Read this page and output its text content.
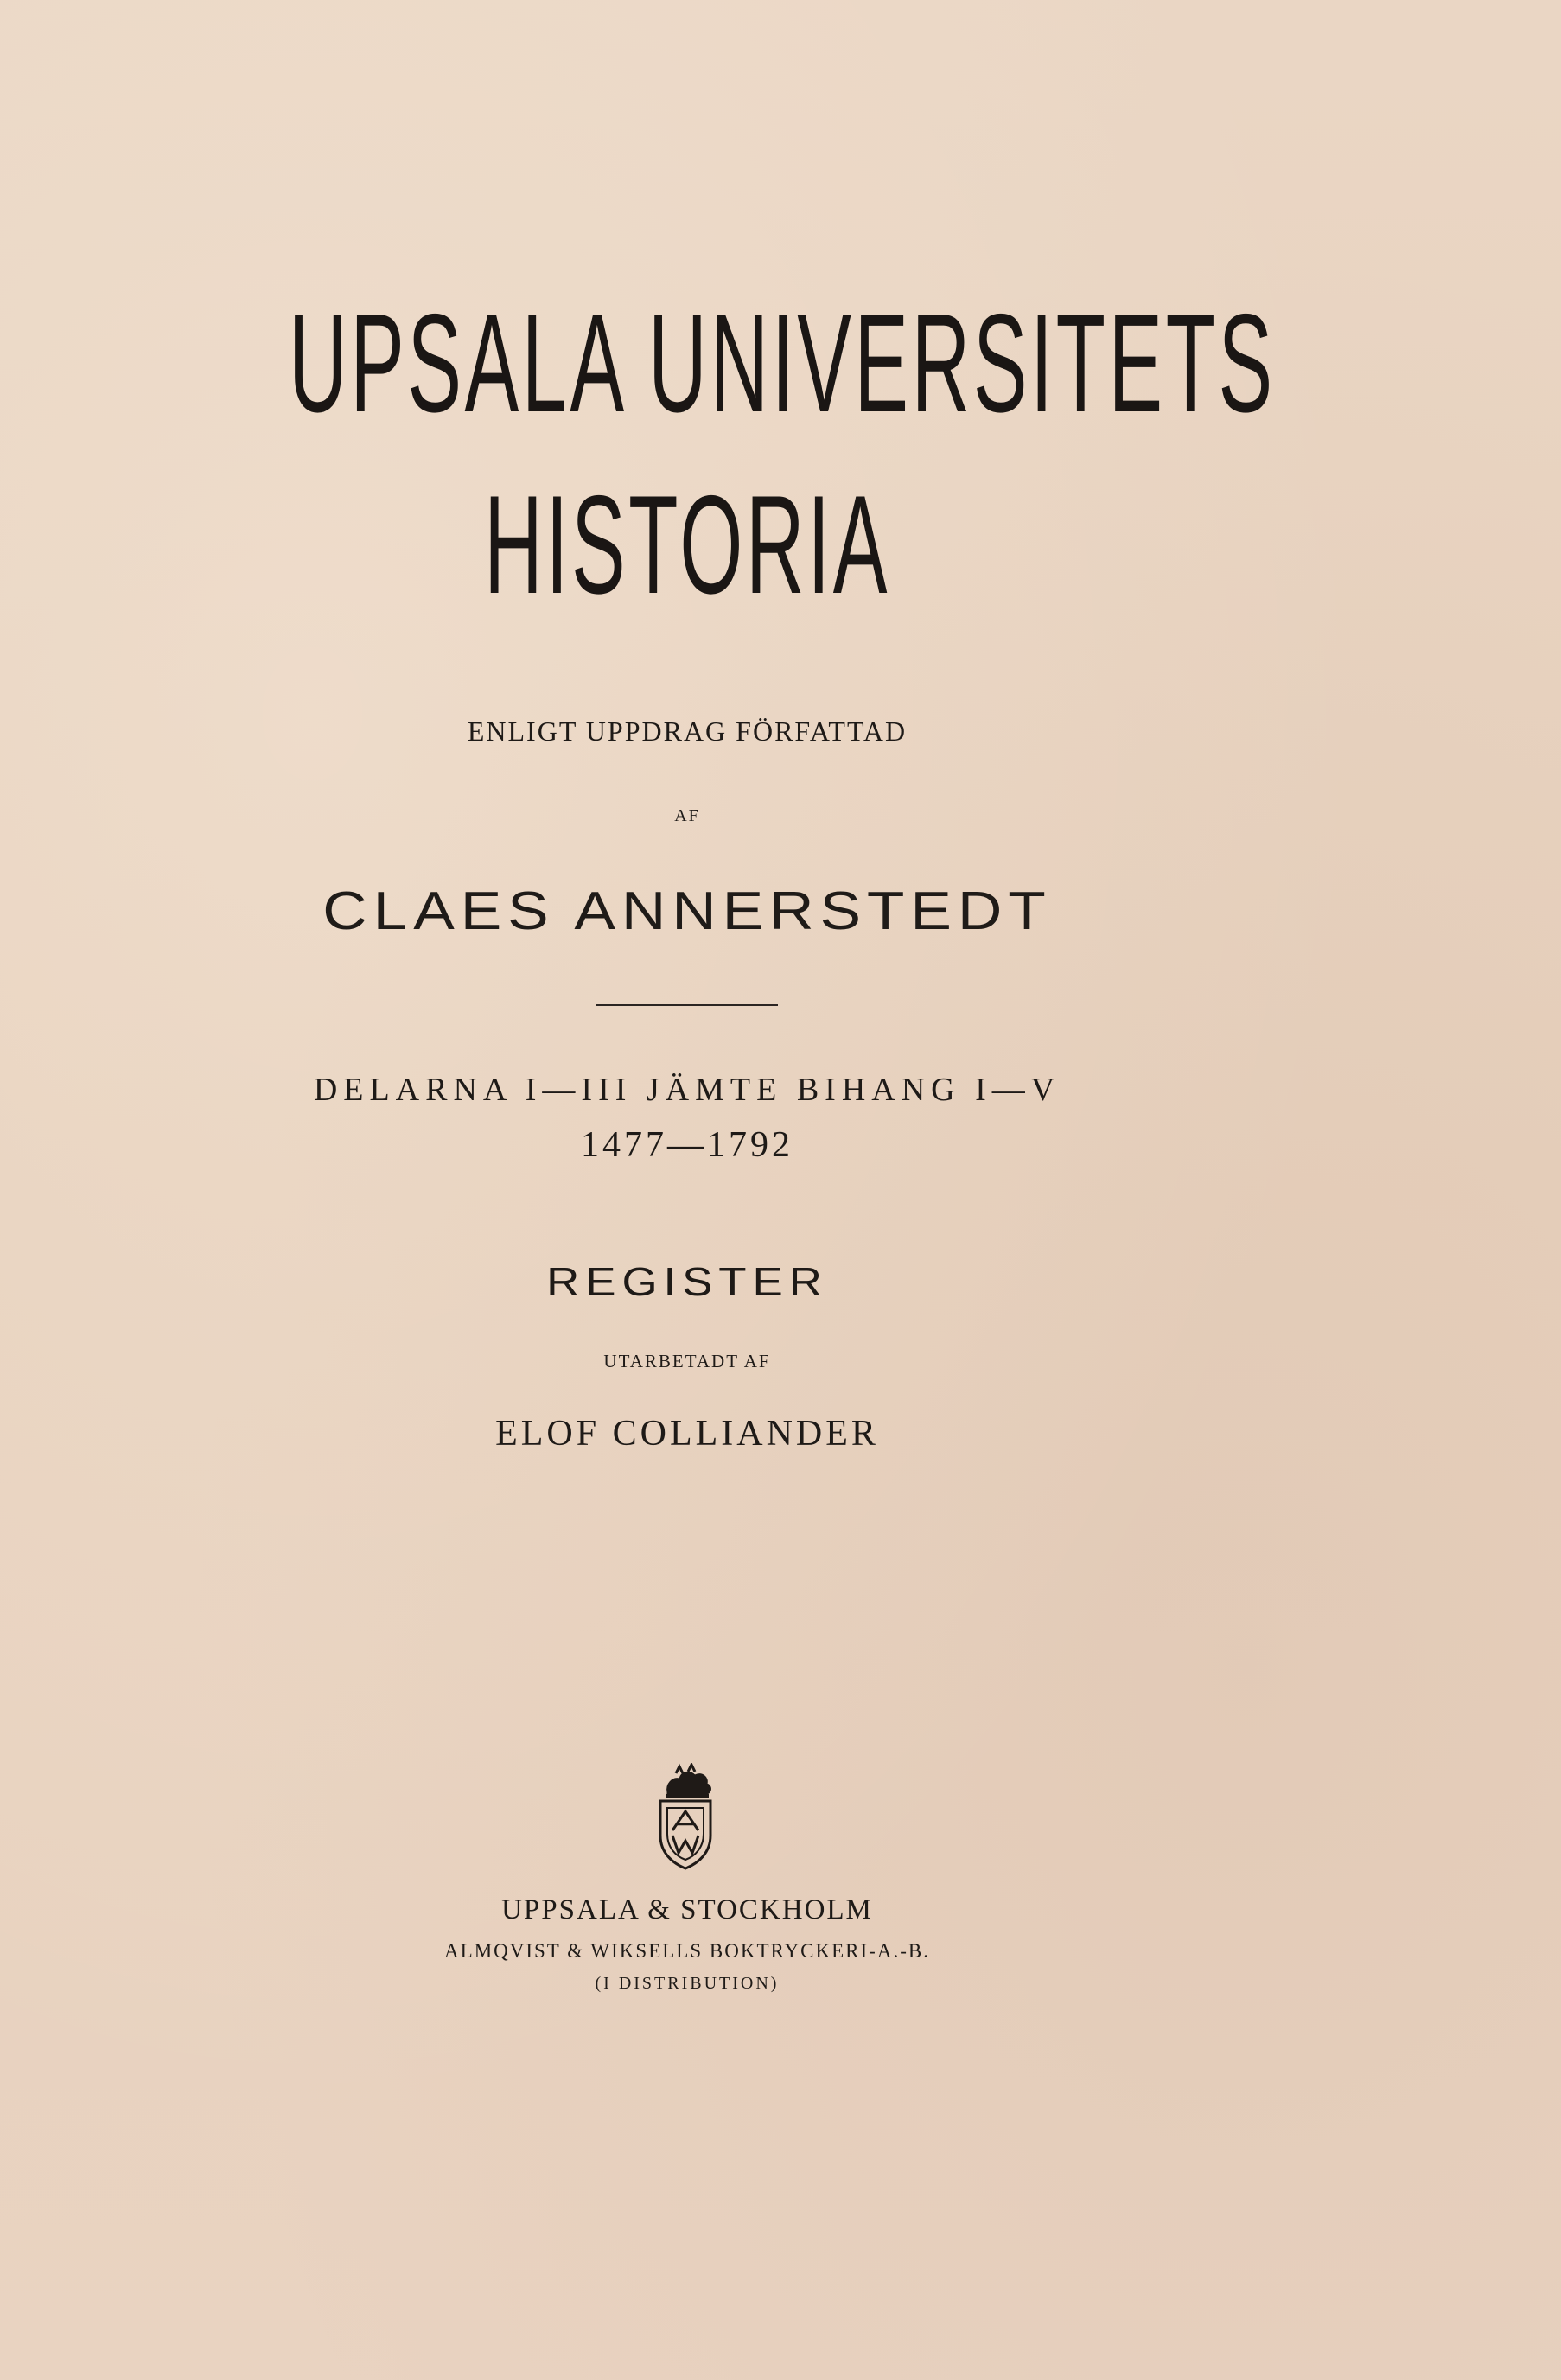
UPSALA UNIVERSITETS
HISTORIA

ENLIGT UPPDRAG FÖRFATTAD

AF

CLAES ANNERSTEDT

DELARNA I—III JÄMTE BIHANG I—V

1477—1792

REGISTER

UTARBETADT AF

ELOF COLLIANDER

UPPSALA & STOCKHOLM

ALMQVIST & WIKSELLS BOKTRYCKERI-A.-B.

(I DISTRIBUTION)
